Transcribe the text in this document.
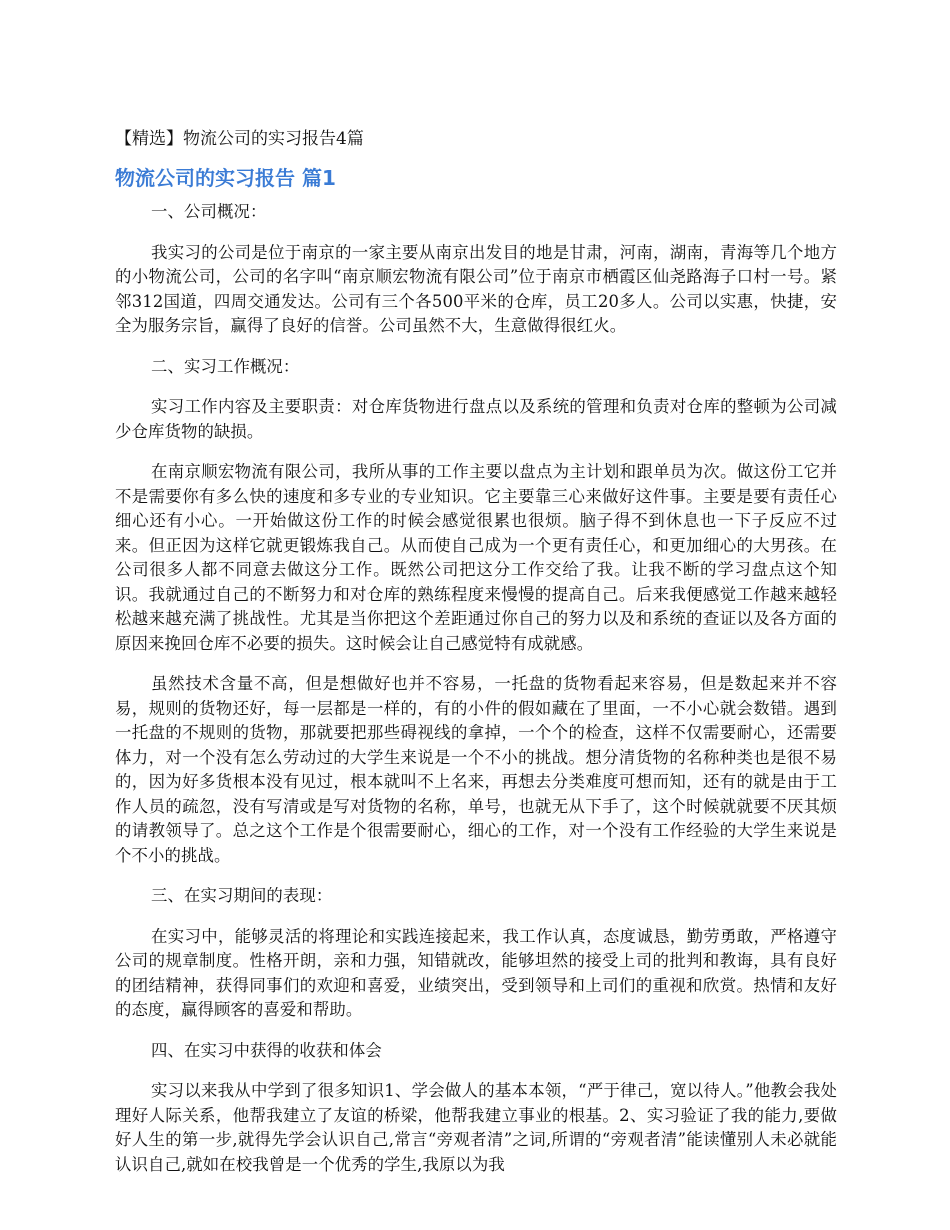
【精选】物流公司的实习报告4篇

物流公司的实习报告 篇1

一、公司概况：

我实习的公司是位于南京的一家主要从南京出发目的地是甘肃，河南，湖南，青海等几个地方的小物流公司，公司的名字叫“南京顺宏物流有限公司”位于南京市栖霞区仙尧路海子口村一号。紧邻312国道，四周交通发达。公司有三个各500平米的仓库，员工20多人。公司以实惠，快捷，安全为服务宗旨，赢得了良好的信誉。公司虽然不大，生意做得很红火。

二、实习工作概况：

实习工作内容及主要职责：对仓库货物进行盘点以及系统的管理和负责对仓库的整顿为公司减少仓库货物的缺损。

在南京顺宏物流有限公司，我所从事的工作主要以盘点为主计划和跟单员为次。做这份工它并不是需要你有多么快的速度和多专业的专业知识。它主要靠三心来做好这件事。主要是要有责任心细心还有小心。一开始做这份工作的时候会感觉很累也很烦。脑子得不到休息也一下子反应不过来。但正因为这样它就更锻炼我自己。从而使自己成为一个更有责任心，和更加细心的大男孩。在公司很多人都不同意去做这分工作。既然公司把这分工作交给了我。让我不断的学习盘点这个知识。我就通过自己的不断努力和对仓库的熟练程度来慢慢的提高自己。后来我便感觉工作越来越轻松越来越充满了挑战性。尤其是当你把这个差距通过你自己的努力以及和系统的查证以及各方面的原因来挽回仓库不必要的损失。这时候会让自己感觉特有成就感。

虽然技术含量不高，但是想做好也并不容易，一托盘的货物看起来容易，但是数起来并不容易，规则的货物还好，每一层都是一样的，有的小件的假如藏在了里面，一不小心就会数错。遇到一托盘的不规则的货物，那就要把那些碍视线的拿掉，一个个的检查，这样不仅需要耐心，还需要体力，对一个没有怎么劳动过的大学生来说是一个不小的挑战。想分清货物的名称种类也是很不易的，因为好多货根本没有见过，根本就叫不上名来，再想去分类难度可想而知，还有的就是由于工作人员的疏忽，没有写清或是写对货物的名称，单号，也就无从下手了，这个时候就就要不厌其烦的请教领导了。总之这个工作是个很需要耐心，细心的工作，对一个没有工作经验的大学生来说是个不小的挑战。

三、在实习期间的表现：

在实习中，能够灵活的将理论和实践连接起来，我工作认真，态度诚恳，勤劳勇敢，严格遵守公司的规章制度。性格开朗，亲和力强，知错就改，能够坦然的接受上司的批判和教诲，具有良好的团结精神，获得同事们的欢迎和喜爱，业绩突出，受到领导和上司们的重视和欣赏。热情和友好的态度，赢得顾客的喜爱和帮助。

四、在实习中获得的收获和体会

实习以来我从中学到了很多知识1、学会做人的基本本领，“严于律己，宽以待人。”他教会我处理好人际关系，他帮我建立了友谊的桥梁，他帮我建立事业的根基。2、实习验证了我的能力,要做好人生的第一步,就得先学会认识自己,常言“旁观者清”之词,所谓的“旁观者清”能读懂别人未必就能认识自己,就如在校我曾是一个优秀的学生,我原以为我
